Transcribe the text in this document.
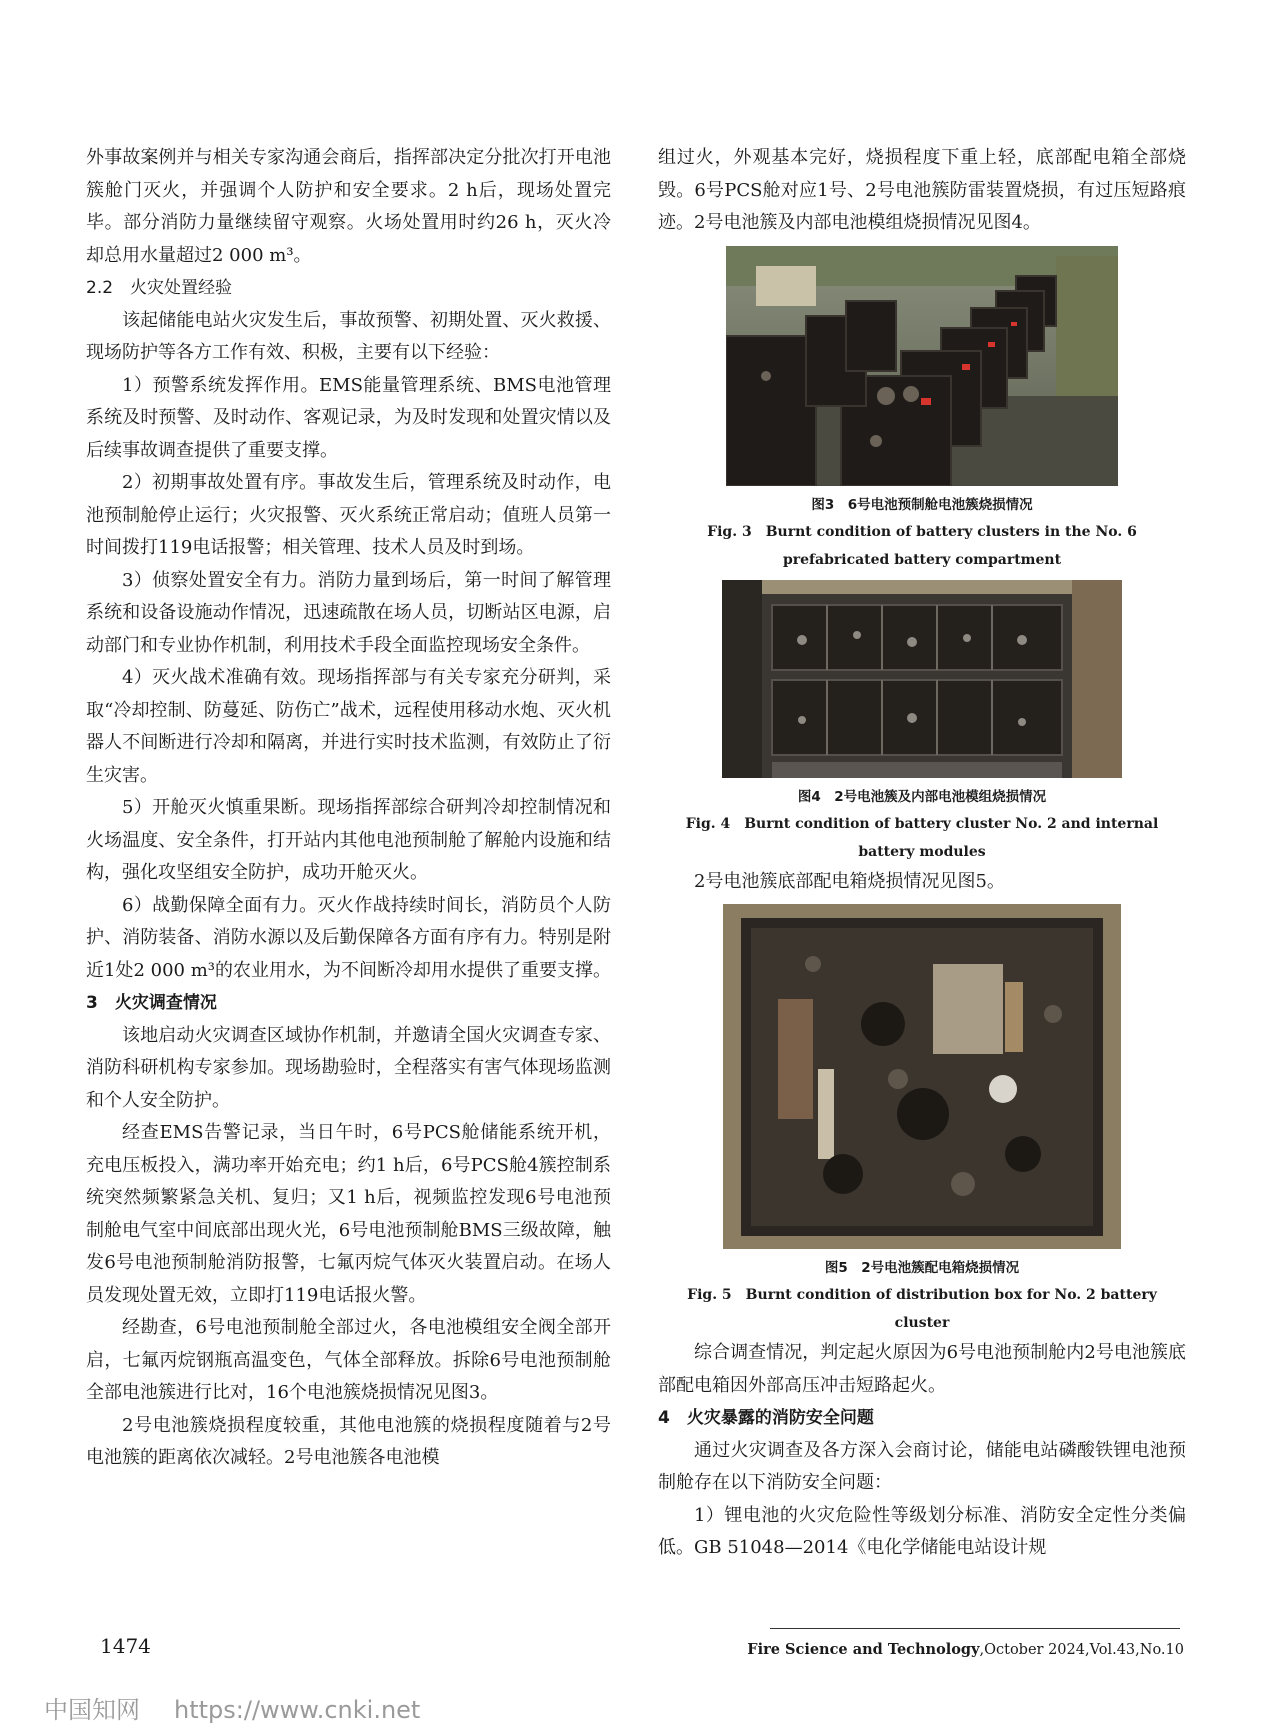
外事故案例并与相关专家沟通会商后，指挥部决定分批次打开电池簇舱门灭火，并强调个人防护和安全要求。2 h后，现场处置完毕。部分消防力量继续留守观察。火场处置用时约26 h，灭火冷却总用水量超过2 000 m³。

2.2　火灾处置经验

该起储能电站火灾发生后，事故预警、初期处置、灭火救援、现场防护等各方工作有效、积极，主要有以下经验：

1）预警系统发挥作用。EMS能量管理系统、BMS电池管理系统及时预警、及时动作、客观记录，为及时发现和处置灾情以及后续事故调查提供了重要支撑。

2）初期事故处置有序。事故发生后，管理系统及时动作，电池预制舱停止运行；火灾报警、灭火系统正常启动；值班人员第一时间拨打119电话报警；相关管理、技术人员及时到场。

3）侦察处置安全有力。消防力量到场后，第一时间了解管理系统和设备设施动作情况，迅速疏散在场人员，切断站区电源，启动部门和专业协作机制，利用技术手段全面监控现场安全条件。

4）灭火战术准确有效。现场指挥部与有关专家充分研判，采取“冷却控制、防蔓延、防伤亡”战术，远程使用移动水炮、灭火机器人不间断进行冷却和隔离，并进行实时技术监测，有效防止了衍生灾害。

5）开舱灭火慎重果断。现场指挥部综合研判冷却控制情况和火场温度、安全条件，打开站内其他电池预制舱了解舱内设施和结构，强化攻坚组安全防护，成功开舱灭火。

6）战勤保障全面有力。灭火作战持续时间长，消防员个人防护、消防装备、消防水源以及后勤保障各方面有序有力。特别是附近1处2 000 m³的农业用水，为不间断冷却用水提供了重要支撑。

3　火灾调查情况

该地启动火灾调查区域协作机制，并邀请全国火灾调查专家、消防科研机构专家参加。现场勘验时，全程落实有害气体现场监测和个人安全防护。

经查EMS告警记录，当日午时，6号PCS舱储能系统开机，充电压板投入，满功率开始充电；约1 h后，6号PCS舱4簇控制系统突然频繁紧急关机、复归；又1 h后，视频监控发现6号电池预制舱电气室中间底部出现火光，6号电池预制舱BMS三级故障，触发6号电池预制舱消防报警，七氟丙烷气体灭火装置启动。在场人员发现处置无效，立即打119电话报火警。

经勘查，6号电池预制舱全部过火，各电池模组安全阀全部开启，七氟丙烷钢瓶高温变色，气体全部释放。拆除6号电池预制舱全部电池簇进行比对，16个电池簇烧损情况见图3。

2号电池簇烧损程度较重，其他电池簇的烧损程度随着与2号电池簇的距离依次减轻。2号电池簇各电池模

组过火，外观基本完好，烧损程度下重上轻，底部配电箱全部烧毁。6号PCS舱对应1号、2号电池簇防雷装置烧损，有过压短路痕迹。2号电池簇及内部电池模组烧损情况见图4。

图3　6号电池预制舱电池簇烧损情况
Fig. 3　Burnt condition of battery clusters in the No. 6 prefabricated battery compartment
图4　2号电池簇及内部电池模组烧损情况
Fig. 4　Burnt condition of battery cluster No. 2 and internal battery modules

2号电池簇底部配电箱烧损情况见图5。

图5　2号电池簇配电箱烧损情况
Fig. 5　Burnt condition of distribution box for No. 2 battery cluster

综合调查情况，判定起火原因为6号电池预制舱内2号电池簇底部配电箱因外部高压冲击短路起火。

4　火灾暴露的消防安全问题

通过火灾调查及各方深入会商讨论，储能电站磷酸铁锂电池预制舱存在以下消防安全问题：

1）锂电池的火灾危险性等级划分标准、消防安全定性分类偏低。GB 51048—2014《电化学储能电站设计规

1474	Fire Science and Technology,October 2024,Vol.43,No.10
中国知网 https://www.cnki.net
